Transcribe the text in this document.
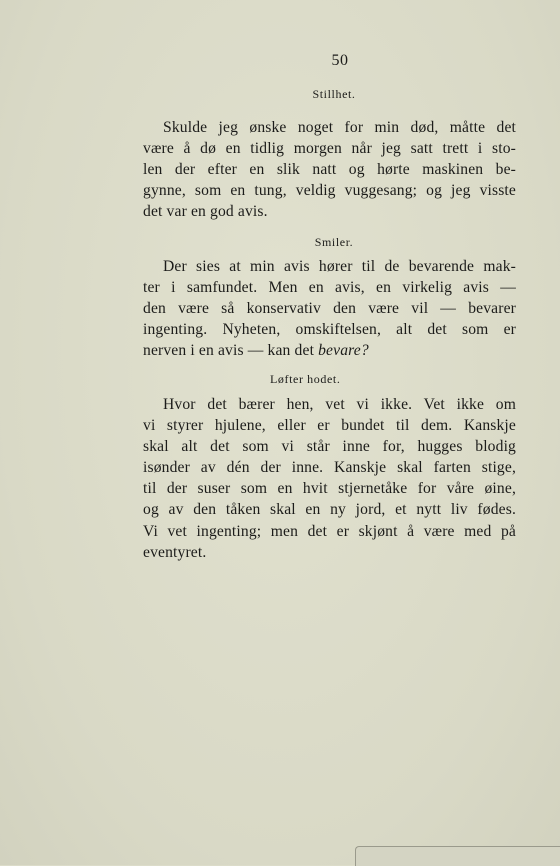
50
Stillhet.
Skulde jeg ønske noget for min død, måtte det
være å dø en tidlig morgen når jeg satt trett i sto-
len der efter en slik natt og hørte maskinen be-
gynne, som en tung, veldig vuggesang; og jeg visste
det var en god avis.
Smiler.
Der sies at min avis hører til de bevarende mak-
ter i samfundet. Men en avis, en virkelig avis —
den være så konservativ den være vil — bevarer
ingenting. Nyheten, omskiftelsen, alt det som er
nerven i en avis — kan det bevare?
Løfter hodet.
Hvor det bærer hen, vet vi ikke. Vet ikke om
vi styrer hjulene, eller er bundet til dem. Kanskje
skal alt det som vi står inne for, hugges blodig
isønder av dén der inne. Kanskje skal farten stige,
til der suser som en hvit stjernetåke for våre øine,
og av den tåken skal en ny jord, et nytt liv fødes.
Vi vet ingenting; men det er skjønt å være med på
eventyret.
